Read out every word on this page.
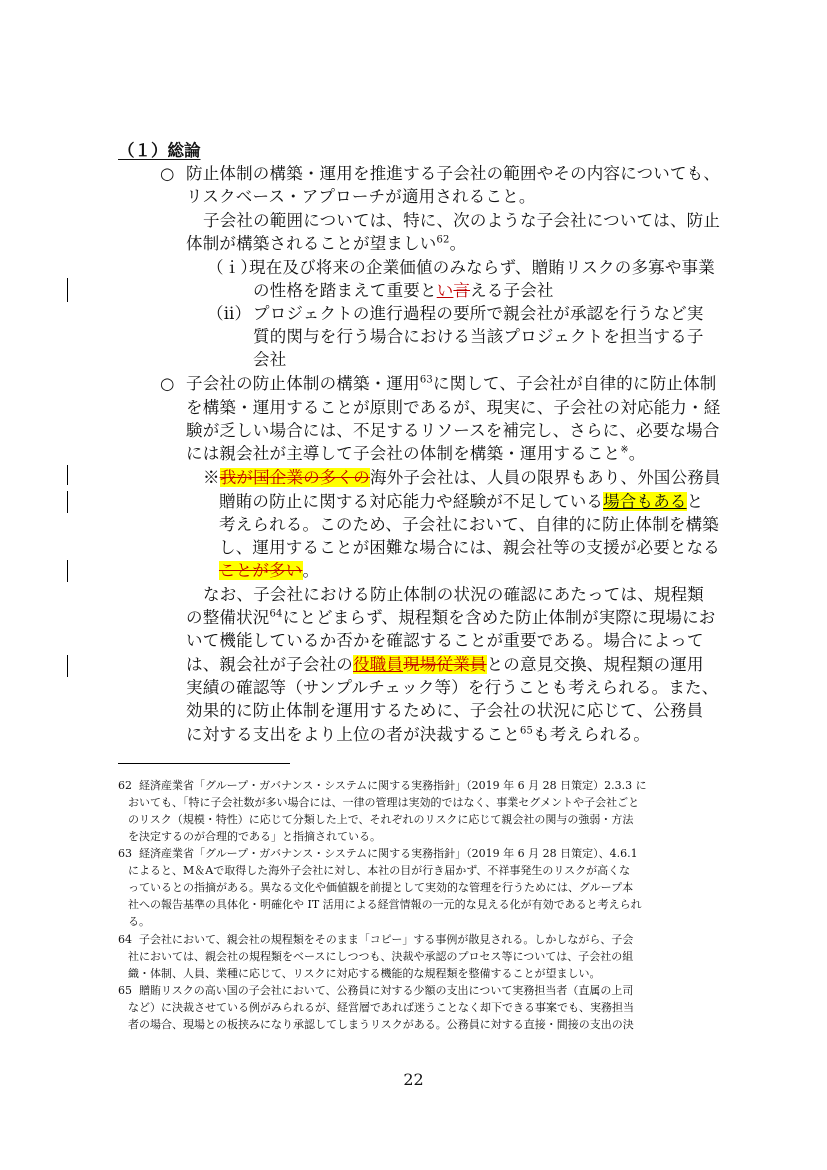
（１）総論
○ 防止体制の構築・運用を推進する子会社の範囲やその内容についても、
リスクベース・アプローチが適用されること。
子会社の範囲については、特に、次のような子会社については、防止
体制が構築されることが望ましい$^{62}$。
（ｉ）
現在及び将来の企業価値のみならず、贈賄リスクの多寡や事業
の性格を踏まえて重要とい言える子会社
（ⅱ） プロジェクトの進行過程の要所で親会社が承認を行うなど実
質的関与を行う場合における当該プロジェクトを担当する子
会社
○ 子会社の防止体制の構築・運用$^{63}$に関して、子会社が自律的に防止体制
を構築・運用することが原則であるが、現実に、子会社の対応能力・経
験が乏しい場合には、不足するリソースを補完し、さらに、必要な場合
には親会社が主導して子会社の体制を構築・運用すること※。
※我が国企業の多くの海外子会社は、人員の限界もあり、外国公務員
贈賄の防止に関する対応能力や経験が不足している場合もあると
考えられる。このため、子会社において、自律的に防止体制を構築
し、運用することが困難な場合には、親会社等の支援が必要となる
ことが多い。
なお、子会社における防止体制の状況の確認にあたっては、規程類
の整備状況$^{64}$にとどまらず、規程類を含めた防止体制が実際に現場にお
いて機能しているか否かを確認することが重要である。場合によって
は、親会社が子会社の役職員現場従業員との意見交換、規程類の運用
実績の確認等（サンプルチェック等）を行うことも考えられる。また、
効果的に防止体制を運用するために、子会社の状況に応じて、公務員
に対する支出をより上位の者が決裁すること$^{65}$も考えられる。
62 経済産業省「グループ・ガバナンス・システムに関する実務指針」（2019 年 6 月 28 日策定）2.3.3 に
おいても、「特に子会社数が多い場合には、一律の管理は実効的ではなく、事業セグメントや子会社ごと
のリスク（規模・特性）に応じて分類した上で、それぞれのリスクに応じて親会社の関与の強弱・方法
を決定するのが合理的である」と指摘されている。
63 経済産業省「グループ・ガバナンス・システムに関する実務指針」（2019 年 6 月 28 日策定）、4.6.1
によると、M＆Aで取得した海外子会社に対し、本社の目が行き届かず、不祥事発生のリスクが高くな
っているとの指摘がある。異なる文化や価値観を前提として実効的な管理を行うためには、グループ本
社への報告基準の具体化・明確化や IT 活用による経営情報の一元的な見える化が有効であると考えられ
る。
64 子会社において、親会社の規程類をそのまま「コピー」する事例が散見される。しかしながら、子会
社においては、親会社の規程類をベースにしつつも、決裁や承認のプロセス等については、子会社の組
織・体制、人員、業種に応じて、リスクに対応する機能的な規程類を整備することが望ましい。
65 贈賄リスクの高い国の子会社において、公務員に対する少額の支出について実務担当者（直属の上司
など）に決裁させている例がみられるが、経営層であれば迷うことなく却下できる事案でも、実務担当
者の場合、現場との板挟みになり承認してしまうリスクがある。公務員に対する直接・間接の支出の決
22
